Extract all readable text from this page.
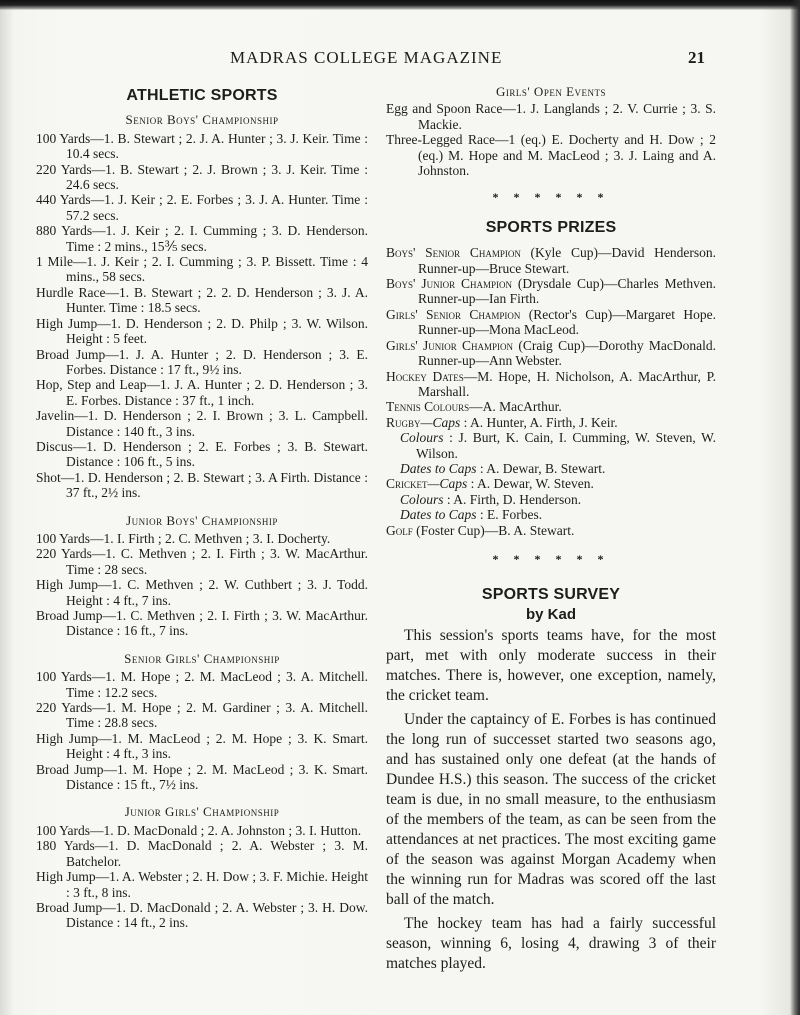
MADRAS COLLEGE MAGAZINE	21
ATHLETIC SPORTS
Senior Boys' Championship

100 Yards—1. B. Stewart ; 2. J. A. Hunter ; 3. J. Keir. Time : 10.4 secs.

220 Yards—1. B. Stewart ; 2. J. Brown ; 3. J. Keir. Time : 24.6 secs.

440 Yards—1. J. Keir ; 2. E. Forbes ; 3. J. A. Hunter. Time : 57.2 secs.

880 Yards—1. J. Keir ; 2. I. Cumming ; 3. D. Henderson. Time : 2 mins., 15⅗ secs.

1 Mile—1. J. Keir ; 2. I. Cumming ; 3. P. Bissett. Time : 4 mins., 58 secs.

Hurdle Race—1. B. Stewart ; 2. 2. D. Henderson ; 3. J. A. Hunter. Time : 18.5 secs.

High Jump—1. D. Henderson ; 2. D. Philp ; 3. W. Wilson. Height : 5 feet.

Broad Jump—1. J. A. Hunter ; 2. D. Henderson ; 3. E. Forbes. Distance : 17 ft., 9½ ins.

Hop, Step and Leap—1. J. A. Hunter ; 2. D. Henderson ; 3. E. Forbes. Distance : 37 ft., 1 inch.

Javelin—1. D. Henderson ; 2. I. Brown ; 3. L. Campbell. Distance : 140 ft., 3 ins.

Discus—1. D. Henderson ; 2. E. Forbes ; 3. B. Stewart. Distance : 106 ft., 5 ins.

Shot—1. D. Henderson ; 2. B. Stewart ; 3. A Firth. Distance : 37 ft., 2½ ins.

Junior Boys' Championship

100 Yards—1. I. Firth ; 2. C. Methven ; 3. I. Docherty.

220 Yards—1. C. Methven ; 2. I. Firth ; 3. W. MacArthur. Time : 28 secs.

High Jump—1. C. Methven ; 2. W. Cuthbert ; 3. J. Todd. Height : 4 ft., 7 ins.

Broad Jump—1. C. Methven ; 2. I. Firth ; 3. W. MacArthur. Distance : 16 ft., 7 ins.

Senior Girls' Championship

100 Yards—1. M. Hope ; 2. M. MacLeod ; 3. A. Mitchell. Time : 12.2 secs.

220 Yards—1. M. Hope ; 2. M. Gardiner ; 3. A. Mitchell. Time : 28.8 secs.

High Jump—1. M. MacLeod ; 2. M. Hope ; 3. K. Smart. Height : 4 ft., 3 ins.

Broad Jump—1. M. Hope ; 2. M. MacLeod ; 3. K. Smart. Distance : 15 ft., 7½ ins.

Junior Girls' Championship

100 Yards—1. D. MacDonald ; 2. A. Johnston ; 3. I. Hutton.

180 Yards—1. D. MacDonald ; 2. A. Webster ; 3. M. Batchelor.

High Jump—1. A. Webster ; 2. H. Dow ; 3. F. Michie. Height : 3 ft., 8 ins.

Broad Jump—1. D. MacDonald ; 2. A. Webster ; 3. H. Dow. Distance : 14 ft., 2 ins.

Girls' Open Events

Egg and Spoon Race—1. J. Langlands ; 2. V. Currie ; 3. S. Mackie.

Three-Legged Race—1 (eq.) E. Docherty and H. Dow ; 2 (eq.) M. Hope and M. MacLeod ; 3. J. Laing and A. Johnston.

* * * * * *
SPORTS PRIZES

Boys' Senior Champion (Kyle Cup)—David Henderson. Runner-up—Bruce Stewart.

Boys' Junior Champion (Drysdale Cup)—Charles Methven. Runner-up—Ian Firth.

Girls' Senior Champion (Rector's Cup)—Margaret Hope. Runner-up—Mona MacLeod.

Girls' Junior Champion (Craig Cup)—Dorothy MacDonald. Runner-up—Ann Webster.

Hockey Dates—M. Hope, H. Nicholson, A. MacArthur, P. Marshall.

Tennis Colours—A. MacArthur.

Rugby—Caps : A. Hunter, A. Firth, J. Keir.

Colours : J. Burt, K. Cain, I. Cumming, W. Steven, W. Wilson.

Dates to Caps : A. Dewar, B. Stewart.

Cricket—Caps : A. Dewar, W. Steven.

Colours : A. Firth, D. Henderson.

Dates to Caps : E. Forbes.

Golf (Foster Cup)—B. A. Stewart.

* * * * * *
SPORTS SURVEY
by Kad

This session's sports teams have, for the most part, met with only moderate success in their matches. There is, however, one exception, namely, the cricket team.

Under the captaincy of E. Forbes is has continued the long run of successet started two seasons ago, and has sustained only one defeat (at the hands of Dundee H.S.) this season. The success of the cricket team is due, in no small measure, to the enthusiasm of the members of the team, as can be seen from the attendances at net practices. The most exciting game of the season was against Morgan Academy when the winning run for Madras was scored off the last ball of the match.

The hockey team has had a fairly successful season, winning 6, losing 4, drawing 3 of their matches played.
